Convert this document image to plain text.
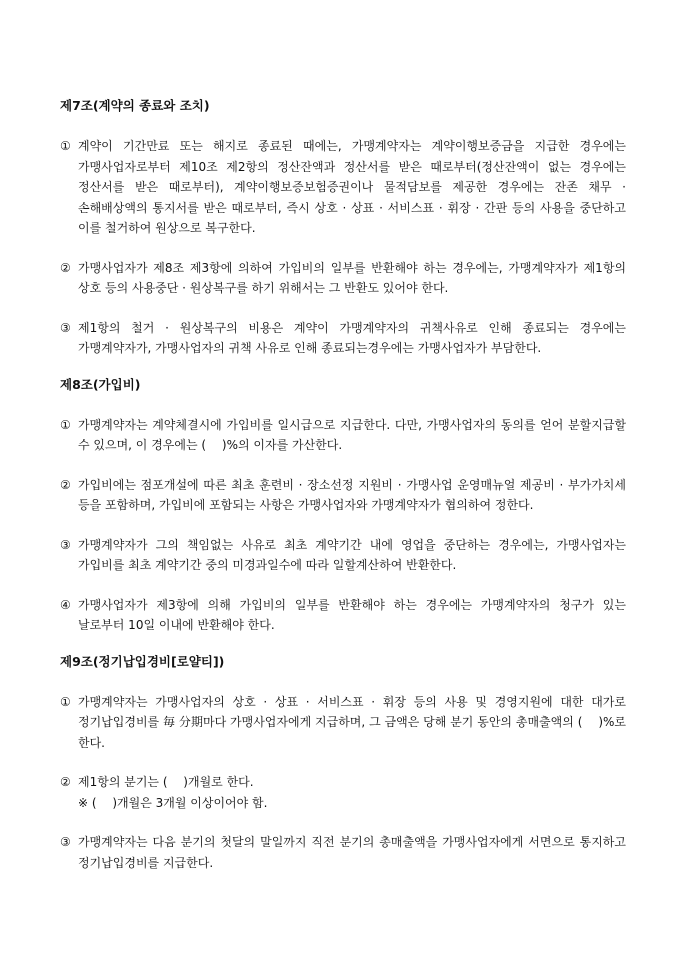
제7조(계약의 종료와 조치)
① 계약이 기간만료 또는 해지로 종료된 때에는, 가맹계약자는 계약이행보증금을 지급한 경우에는 가맹사업자로부터 제10조 제2항의 정산잔액과 정산서를 받은 때로부터(정산잔액이 없는 경우에는 정산서를 받은 때로부터), 계약이행보증보험증권이나 물적담보를 제공한 경우에는 잔존 채무 · 손해배상액의 통지서를 받은 때로부터, 즉시 상호 · 상표 · 서비스표 · 휘장 · 간판 등의 사용을 중단하고 이를 철거하여 원상으로 복구한다.
② 가맹사업자가 제8조 제3항에 의하여 가입비의 일부를 반환해야 하는 경우에는, 가맹계약자가 제1항의 상호 등의 사용중단 · 원상복구를 하기 위해서는 그 반환도 있어야 한다.
③ 제1항의 철거 · 원상복구의 비용은 계약이 가맹계약자의 귀책사유로 인해 종료되는 경우에는 가맹계약자가, 가맹사업자의 귀책 사유로 인해 종료되는경우에는 가맹사업자가 부담한다.
제8조(가입비)
① 가맹계약자는 계약체결시에 가입비를 일시급으로 지급한다. 다만, 가맹사업자의 동의를 얻어 분할지급할 수 있으며, 이 경우에는 (　 )%의 이자를 가산한다.
② 가입비에는 점포개설에 따른 최초 훈련비 · 장소선정 지원비 · 가맹사업 운영매뉴얼 제공비 · 부가가치세 등을 포함하며, 가입비에 포함되는 사항은 가맹사업자와 가맹계약자가 협의하여 정한다.
③ 가맹계약자가 그의 책임없는 사유로 최초 계약기간 내에 영업을 중단하는 경우에는, 가맹사업자는 가입비를 최초 계약기간 중의 미경과일수에 따라 일할계산하여 반환한다.
④ 가맹사업자가 제3항에 의해 가입비의 일부를 반환해야 하는 경우에는 가맹계약자의 청구가 있는 날로부터 10일 이내에 반환해야 한다.
제9조(정기납입경비[로얄티])
① 가맹계약자는 가맹사업자의 상호 · 상표 · 서비스표 · 휘장 등의 사용 및 경영지원에 대한 대가로 정기납입경비를 毎 分期마다 가맹사업자에게 지급하며, 그 금액은 당해 분기 동안의 총매출액의 (　 )%로 한다.
② 제1항의 분기는 (　 )개월로 한다.
※ (　 )개월은 3개월 이상이어야 함.
③ 가맹계약자는 다음 분기의 첫달의 말일까지 직전 분기의 총매출액을 가맹사업자에게 서면으로 통지하고 정기납입경비를 지급한다.
